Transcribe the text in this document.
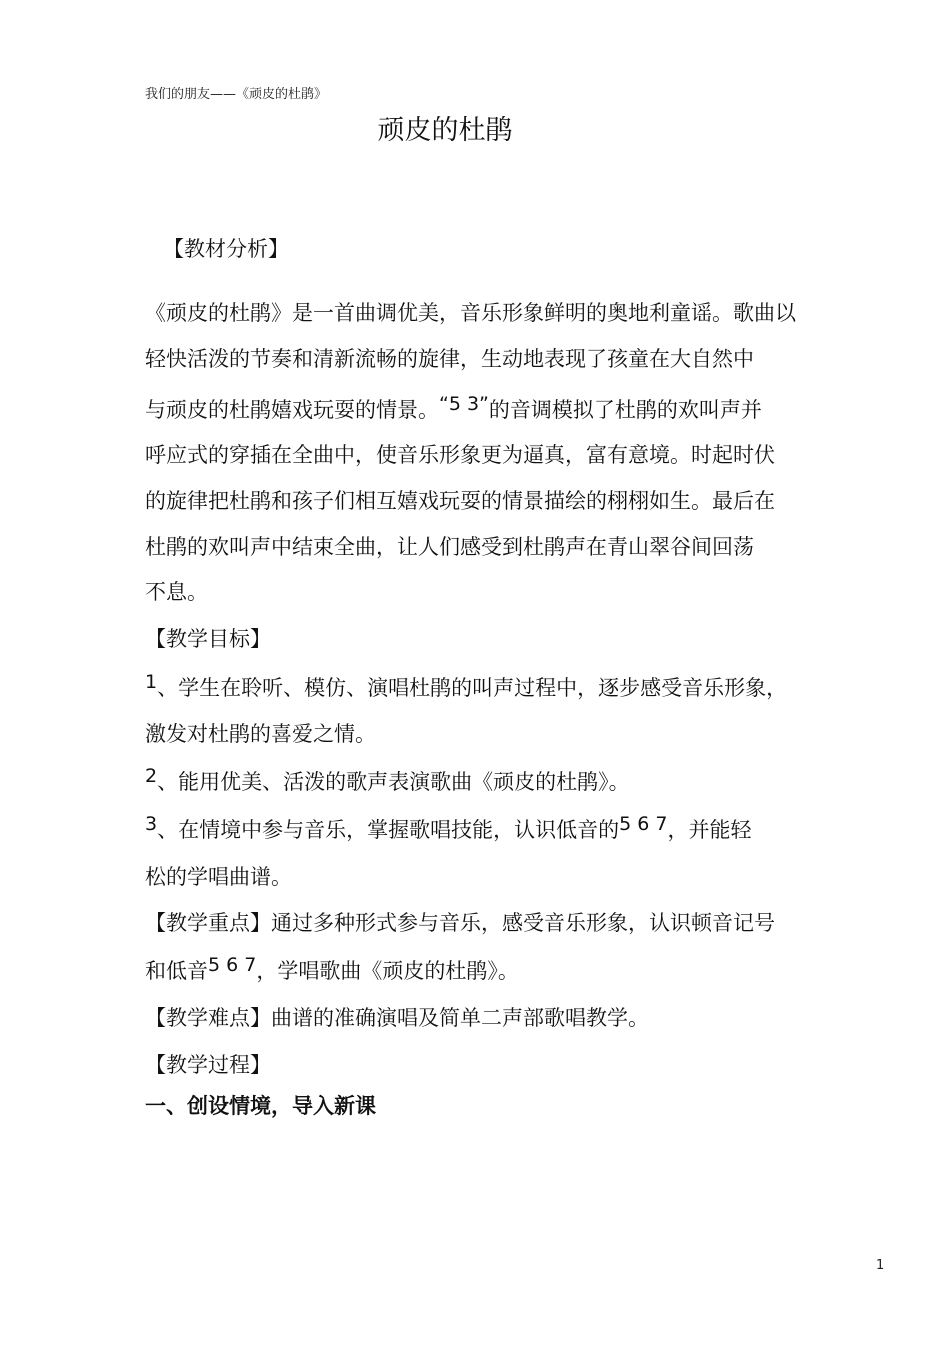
我们的朋友——《顽皮的杜鹃》
顽皮的杜鹃
【教材分析】
《顽皮的杜鹃》是一首曲调优美，音乐形象鲜明的奥地利童谣。歌曲以
轻快活泼的节奏和清新流畅的旋律，生动地表现了孩童在大自然中
与顽皮的杜鹃嬉戏玩耍的情景。“5 3”的音调模拟了杜鹃的欢叫声并
呼应式的穿插在全曲中，使音乐形象更为逼真，富有意境。时起时伏
的旋律把杜鹃和孩子们相互嬉戏玩耍的情景描绘的栩栩如生。最后在
杜鹃的欢叫声中结束全曲，让人们感受到杜鹃声在青山翠谷间回荡
不息。
【教学目标】
1、学生在聆听、模仿、演唱杜鹃的叫声过程中，逐步感受音乐形象，
激发对杜鹃的喜爱之情。
2、能用优美、活泼的歌声表演歌曲《顽皮的杜鹃》。
3、在情境中参与音乐，掌握歌唱技能，认识低音的5 6 7，并能轻
松的学唱曲谱。
【教学重点】通过多种形式参与音乐，感受音乐形象，认识顿音记号
和低音5 6 7，学唱歌曲《顽皮的杜鹃》。
【教学难点】曲谱的准确演唱及简单二声部歌唱教学。
【教学过程】
一、创设情境，导入新课
1
